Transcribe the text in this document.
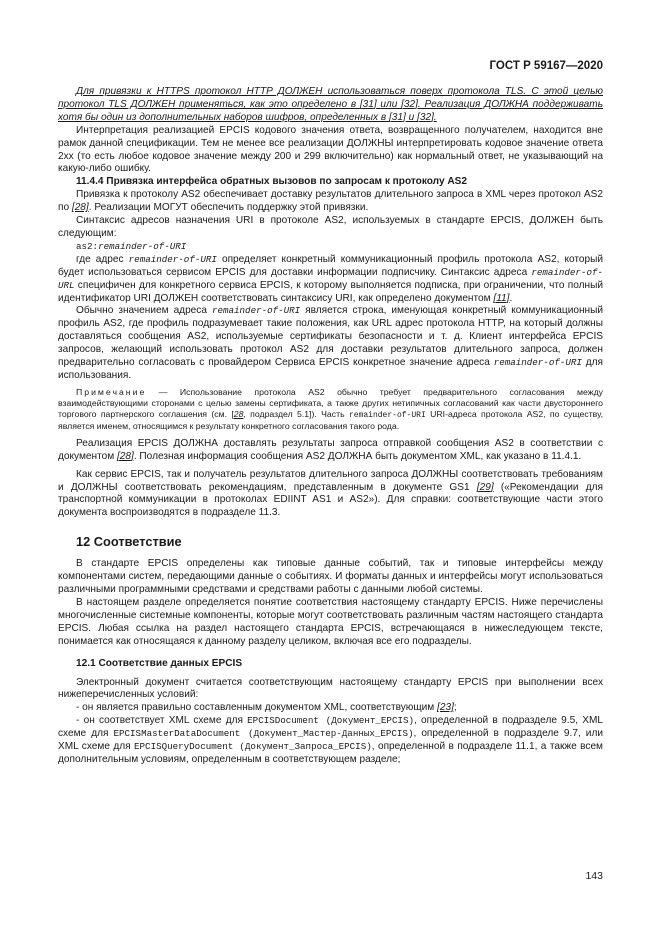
ГОСТ Р 59167—2020

Для привязки к HTTPS протокол HTTP ДОЛЖЕН использоваться поверх протокола TLS. С этой целью протокол TLS ДОЛЖЕН применяться, как это определено в [31] или [32]. Реализация ДОЛЖНА поддерживать хотя бы один из дополнительных наборов шифров, определенных в [31] и [32].

Интерпретация реализацией EPCIS кодового значения ответа, возвращенного получателем, находится вне рамок данной спецификации. Тем не менее все реализации ДОЛЖНЫ интерпретировать кодовое значение ответа 2xx (то есть любое кодовое значение между 200 и 299 включительно) как нормальный ответ, не указывающий на какую-либо ошибку.

11.4.4 Привязка интерфейса обратных вызовов по запросам к протоколу AS2

Привязка к протоколу AS2 обеспечивает доставку результатов длительного запроса в XML через протокол AS2 по [28]. Реализации МОГУТ обеспечить поддержку этой привязки.

Синтаксис адресов назначения URI в протоколе AS2, используемых в стандарте EPCIS, ДОЛЖЕН быть следующим:

as2:remainder-of-URI

где адрес remainder-of-URI определяет конкретный коммуникационный профиль протокола AS2, который будет использоваться сервисом EPCIS для доставки информации подписчику. Синтаксис адреса remainder-of-URL специфичен для конкретного сервиса EPCIS, к которому выполняется подписка, при ограничении, что полный идентификатор URI ДОЛЖЕН соответствовать синтаксису URI, как определено документом [11].

Обычно значением адреса remainder-of-URI является строка, именующая конкретный коммуникационный профиль AS2, где профиль подразумевает такие положения, как URL адрес протокола HTTP, на который должны доставляться сообщения AS2, используемые сертификаты безопасности и т. д. Клиент интерфейса EPCIS запросов, желающий использовать протокол AS2 для доставки результатов длительного запроса, должен предварительно согласовать с провайдером Сервиса EPCIS конкретное значение адреса remainder-of-URI для использования.

Примечание — Использование протокола AS2 обычно требует предварительного согласования между взаимодействующими сторонами с целью замены сертификата, а также других нетипичных согласований как части двустороннего торгового партнерского соглашения (см. [28, подраздел 5.1]). Часть remainder-of-URI URI-адреса протокола AS2, по существу, является именем, относящимся к результату конкретного согласования такого рода.

Реализация EPCIS ДОЛЖНА доставлять результаты запроса отправкой сообщения AS2 в соответствии с документом [28]. Полезная информация сообщения AS2 ДОЛЖНА быть документом XML, как указано в 11.4.1.

Как сервис EPCIS, так и получатель результатов длительного запроса ДОЛЖНЫ соответствовать требованиям и ДОЛЖНЫ соответствовать рекомендациям, представленным в документе GS1 [29] («Рекомендации для транспортной коммуникации в протоколах EDIINT AS1 и AS2»). Для справки: соответствующие части этого документа воспроизводятся в подразделе 11.3.

12 Соответствие

В стандарте EPCIS определены как типовые данные событий, так и типовые интерфейсы между компонентами систем, передающими данные о событиях. И форматы данных и интерфейсы могут использоваться различными программными средствами и средствами работы с данными любой системы.

В настоящем разделе определяется понятие соответствия настоящему стандарту EPCIS. Ниже перечислены многочисленные системные компоненты, которые могут соответствовать различным частям настоящего стандарта EPCIS. Любая ссылка на раздел настоящего стандарта EPCIS, встречающаяся в нижеследующем тексте, понимается как относящаяся к данному разделу целиком, включая все его подразделы.

12.1 Соответствие данных EPCIS

Электронный документ считается соответствующим настоящему стандарту EPCIS при выполнении всех нижеперечисленных условий:

- он является правильно составленным документом XML, соответствующим [23];

- он соответствует XML схеме для EPCISDocument (Документ_EPCIS), определенной в подразделе 9.5, XML схеме для EPCISMasterDataDocument (Документ_Мастер-Данных_EPCIS), определенной в подразделе 9.7, или XML схеме для EPCISQueryDocument (Документ_Запроса_EPCIS), определенной в подразделе 11.1, а также всем дополнительным условиям, определенным в соответствующем разделе;

143
